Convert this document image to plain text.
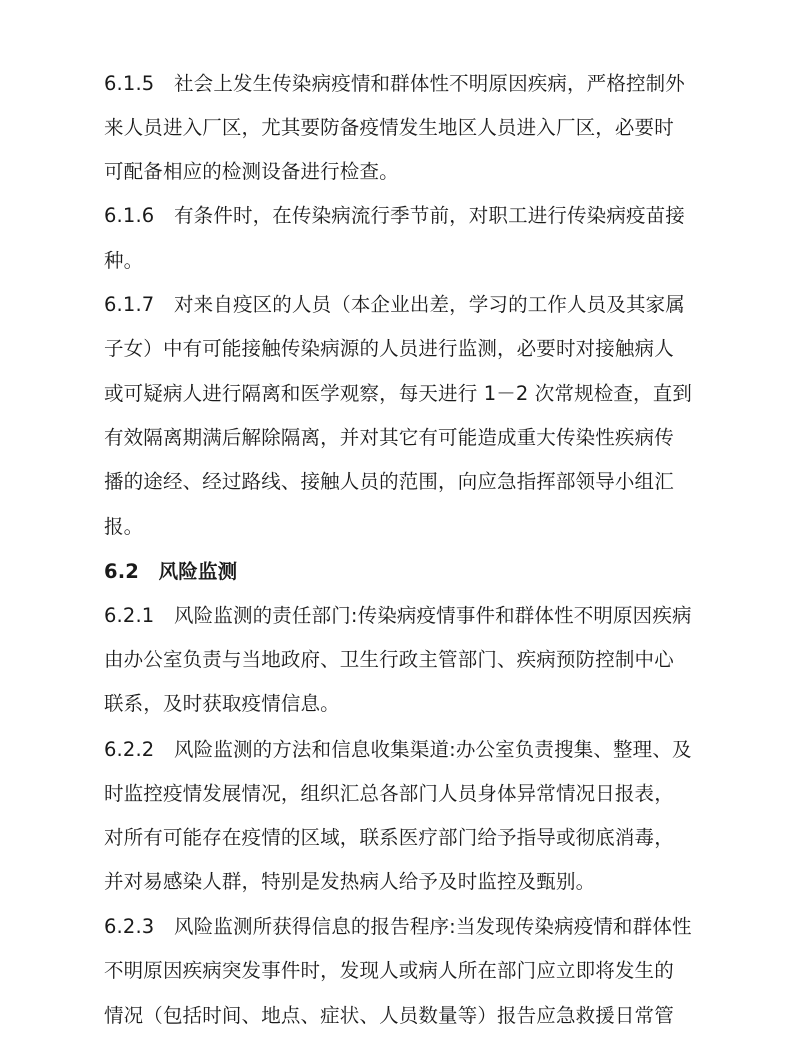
6.1.5　社会上发生传染病疫情和群体性不明原因疾病，严格控制外
来人员进入厂区，尤其要防备疫情发生地区人员进入厂区，必要时
可配备相应的检测设备进行检查。
6.1.6　有条件时，在传染病流行季节前，对职工进行传染病疫苗接
种。
6.1.7　对来自疫区的人员（本企业出差，学习的工作人员及其家属
子女）中有可能接触传染病源的人员进行监测，必要时对接触病人
或可疑病人进行隔离和医学观察，每天进行 1－2 次常规检查，直到
有效隔离期满后解除隔离，并对其它有可能造成重大传染性疾病传
播的途经、经过路线、接触人员的范围，向应急指挥部领导小组汇
报。
6.2　风险监测
6.2.1　风险监测的责任部门:传染病疫情事件和群体性不明原因疾病
由办公室负责与当地政府、卫生行政主管部门、疾病预防控制中心
联系，及时获取疫情信息。
6.2.2　风险监测的方法和信息收集渠道:办公室负责搜集、整理、及
时监控疫情发展情况，组织汇总各部门人员身体异常情况日报表，
对所有可能存在疫情的区域，联系医疗部门给予指导或彻底消毒，
并对易感染人群，特别是发热病人给予及时监控及甄别。
6.2.3　风险监测所获得信息的报告程序:当发现传染病疫情和群体性
不明原因疾病突发事件时，发现人或病人所在部门应立即将发生的
情况（包括时间、地点、症状、人员数量等）报告应急救援日常管
